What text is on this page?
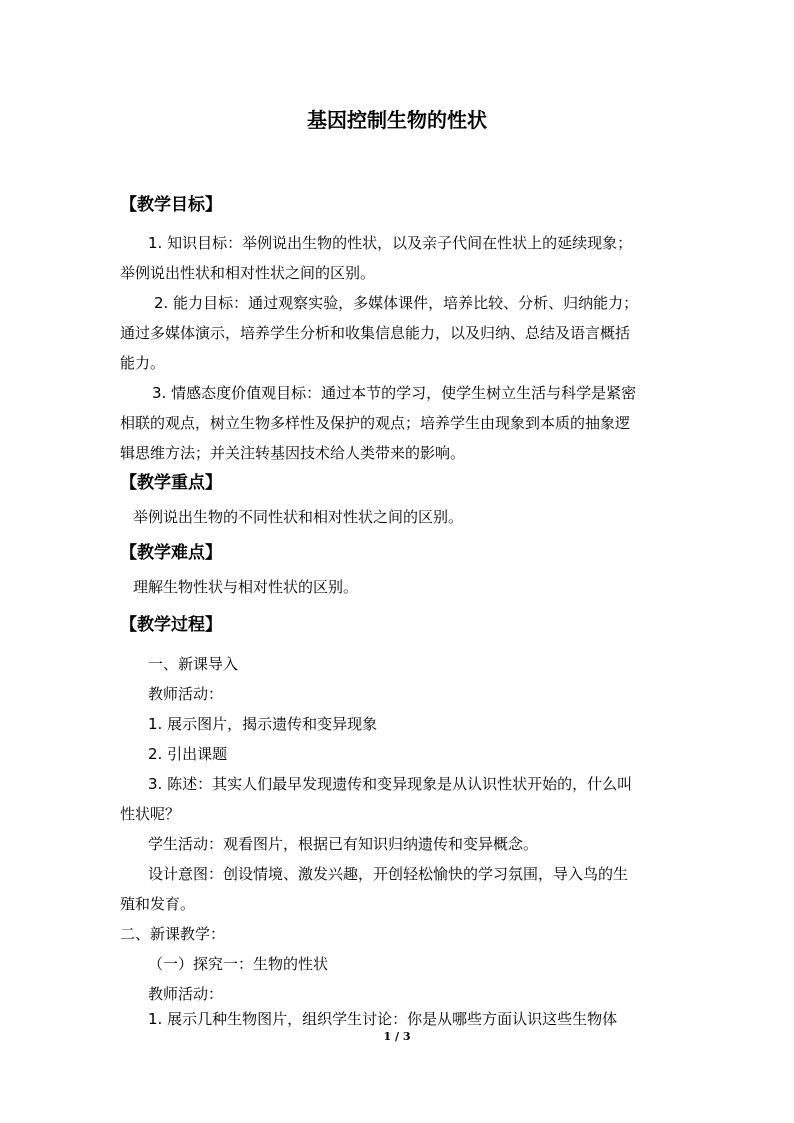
基因控制生物的性状
【教学目标】
1. 知识目标：举例说出生物的性状，以及亲子代间在性状上的延续现象；
举例说出性状和相对性状之间的区别。
2. 能力目标：通过观察实验，多媒体课件，培养比较、分析、归纳能力；
通过多媒体演示，培养学生分析和收集信息能力，以及归纳、总结及语言概括
能力。
3. 情感态度价值观目标：通过本节的学习，使学生树立生活与科学是紧密
相联的观点，树立生物多样性及保护的观点；培养学生由现象到本质的抽象逻
辑思维方法；并关注转基因技术给人类带来的影响。
【教学重点】
举例说出生物的不同性状和相对性状之间的区别。
【教学难点】
理解生物性状与相对性状的区别。
【教学过程】
一、新课导入
教师活动：
1. 展示图片，揭示遗传和变异现象
2. 引出课题
3. 陈述：其实人们最早发现遗传和变异现象是从认识性状开始的，什么叫
性状呢？
学生活动：观看图片，根据已有知识归纳遗传和变异概念。
设计意图：创设情境、激发兴趣，开创轻松愉快的学习氛围，导入鸟的生
殖和发育。
二、新课教学：
（一）探究一：生物的性状
教师活动：
1. 展示几种生物图片，组织学生讨论：你是从哪些方面认识这些生物体
1 / 3
